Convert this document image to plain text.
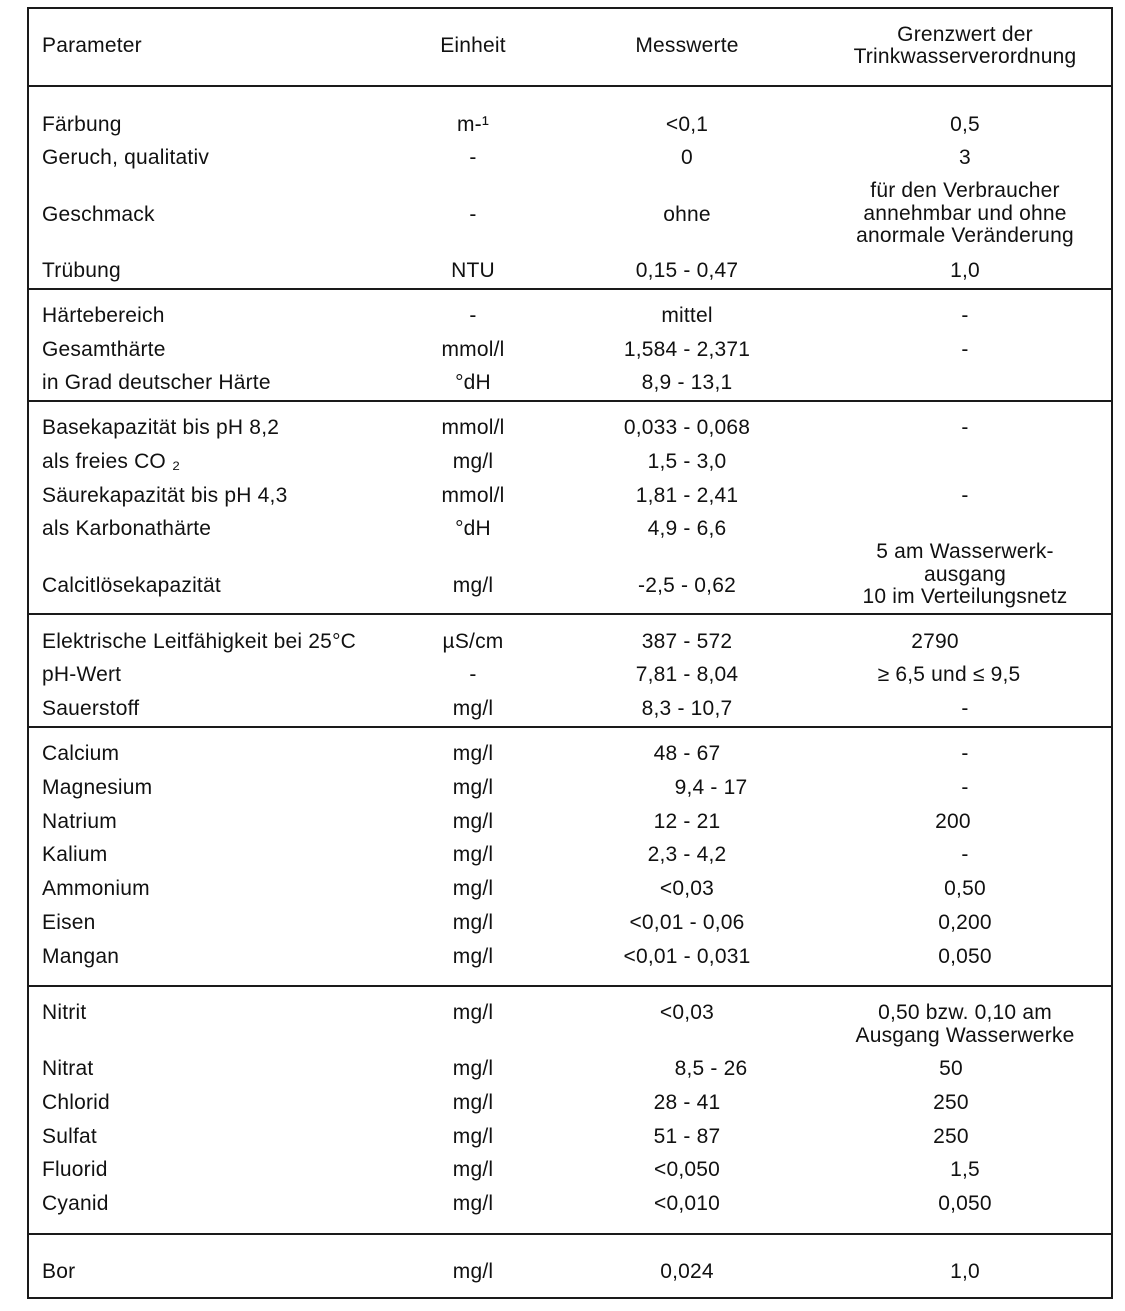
Parameter	Einheit	Messwerte	Grenzwert der
Trinkwasserverordnung
Färbung	m-¹	<0,1	0,5
Geruch, qualitativ	-	0	3
Geschmack	-	ohne
für den Verbraucher
annehmbar und ohne
anormale Veränderung
Trübung	NTU	0,15 - 0,47	1,0
Härtebereich	-	mittel	-
Gesamthärte	mmol/l	1,584 - 2,371	-
in Grad deutscher Härte	°dH	8,9 - 13,1
Basekapazität bis pH 8,2	mmol/l	0,033 - 0,068	-
als freies CO ₂	mg/l	1,5 - 3,0
Säurekapazität bis pH 4,3	mmol/l	1,81 - 2,41	-
als Karbonathärte	°dH	4,9 - 6,6
Calcitlösekapazität	mg/l	-2,5 - 0,62
5 am Wasserwerk-
ausgang
10 im Verteilungsnetz
Elektrische Leitfähigkeit bei 25°C	µS/cm	387 - 572	2790
pH-Wert	-	7,81 - 8,04	≥ 6,5 und ≤ 9,5
Sauerstoff	mg/l	8,3 - 10,7	-
Calcium	mg/l	48 - 67	-
Magnesium	mg/l	9,4 - 17	-
Natrium	mg/l	12 - 21	200
Kalium	mg/l	2,3 - 4,2	-
Ammonium	mg/l	<0,03	0,50
Eisen	mg/l	<0,01 - 0,06	0,200
Mangan	mg/l	<0,01 - 0,031	0,050
Nitrit	mg/l	<0,03	0,50 bzw. 0,10 am
Ausgang Wasserwerke
Nitrat	mg/l	8,5 - 26	50
Chlorid	mg/l	28 - 41	250
Sulfat	mg/l	51 - 87	250
Fluorid	mg/l	<0,050	1,5
Cyanid	mg/l	<0,010	0,050
Bor	mg/l	0,024	1,0
